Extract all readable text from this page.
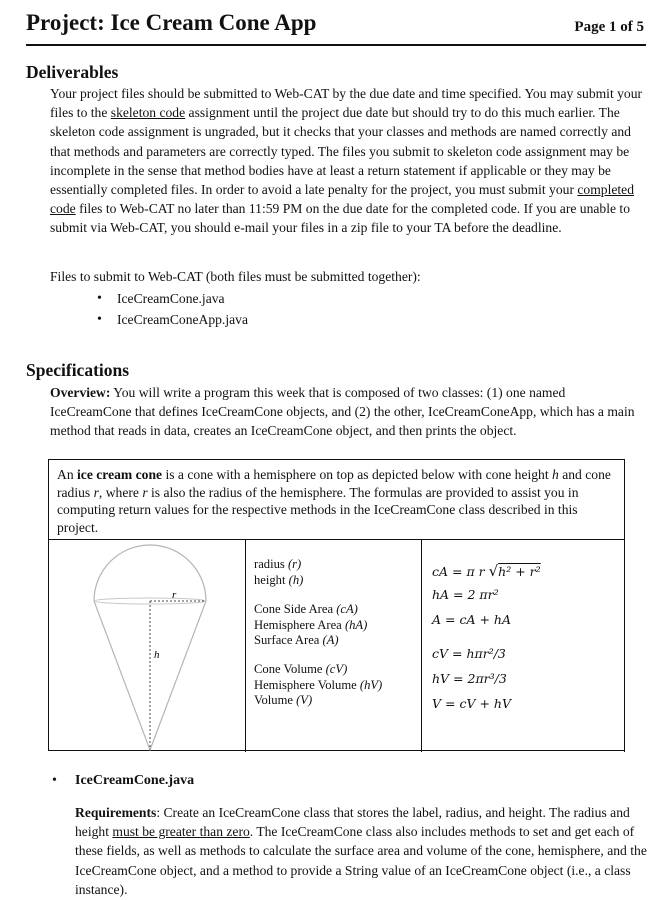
Project: Ice Cream Cone App	Page 1 of 5
Deliverables

Your project files should be submitted to Web-CAT by the due date and time specified. You may submit your files to the skeleton code assignment until the project due date but should try to do this much earlier. The skeleton code assignment is ungraded, but it checks that your classes and methods are named correctly and that methods and parameters are correctly typed. The files you submit to skeleton code assignment may be incomplete in the sense that method bodies have at least a return statement if applicable or they may be essentially completed files. In order to avoid a late penalty for the project, you must submit your completed code files to Web-CAT no later than 11:59 PM on the due date for the completed code. If you are unable to submit via Web-CAT, you should e-mail your files in a zip file to your TA before the deadline.

Files to submit to Web-CAT (both files must be submitted together):

• IceCreamCone.java
• IceCreamConeApp.java
Specifications

Overview: You will write a program this week that is composed of two classes: (1) one named IceCreamCone that defines IceCreamCone objects, and (2) the other, IceCreamConeApp, which has a main method that reads in data, creates an IceCreamCone object, and then prints the object.

An ice cream cone is a cone with a hemisphere on top as depicted below with cone height h and cone radius r, where r is also the radius of the hemisphere. The formulas are provided to assist you in computing return values for the respective methods in the IceCreamCone class described in this project.

r
h
radius (r)
height (h)
Cone Side Area (cA)
Hemisphere Area (hA)
Surface Area (A)
Cone Volume (cV)
Hemisphere Volume (hV)
Volume (V)
cA = π r √h² + r²
hA = 2 πr²
A = cA + hA
cV = hπr²/3
hV = 2πr³/3
V = cV + hV
• IceCreamCone.java

Requirements: Create an IceCreamCone class that stores the label, radius, and height. The radius and height must be greater than zero. The IceCreamCone class also includes methods to set and get each of these fields, as well as methods to calculate the surface area and volume of the cone, hemisphere, and the IceCreamCone object, and a method to provide a String value of an IceCreamCone object (i.e., a class instance).
